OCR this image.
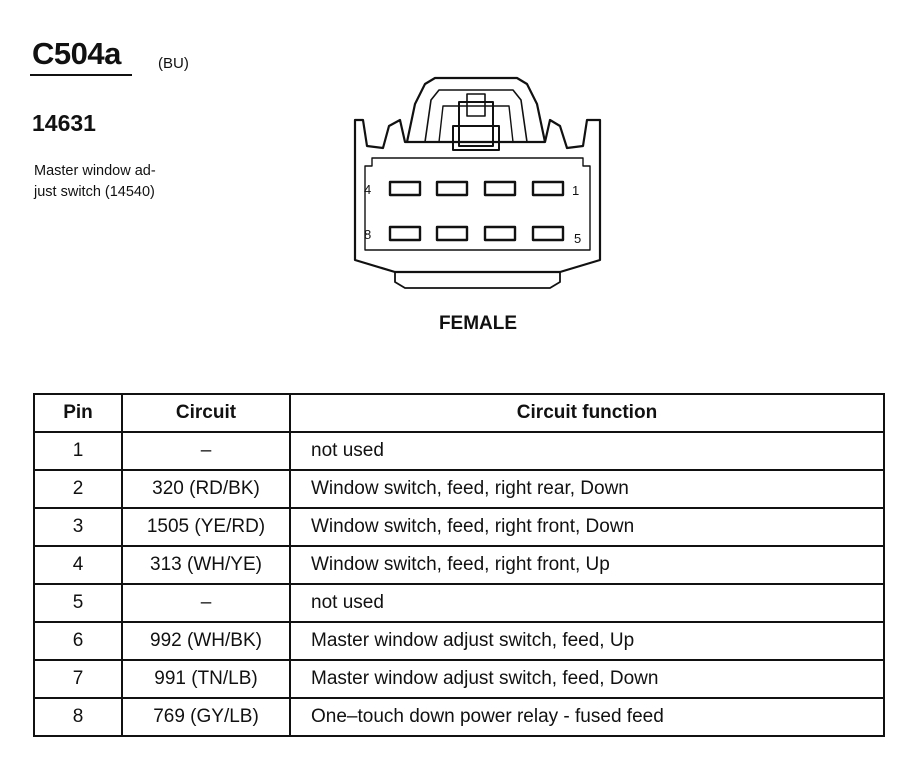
C504a (BU)
14631
Master window ad-
just switch (14540)	4	1
8	5
FEMALE
Pin	Circuit	Circuit function
1	–	not used
2	320 (RD/BK)	Window switch, feed, right rear, Down
3	1505 (YE/RD)	Window switch, feed, right front, Down
4	313 (WH/YE)	Window switch, feed, right front, Up
5	–	not used
6	992 (WH/BK)	Master window adjust switch, feed, Up
7	991 (TN/LB)	Master window adjust switch, feed, Down
8	769 (GY/LB)	One–touch down power relay - fused feed
